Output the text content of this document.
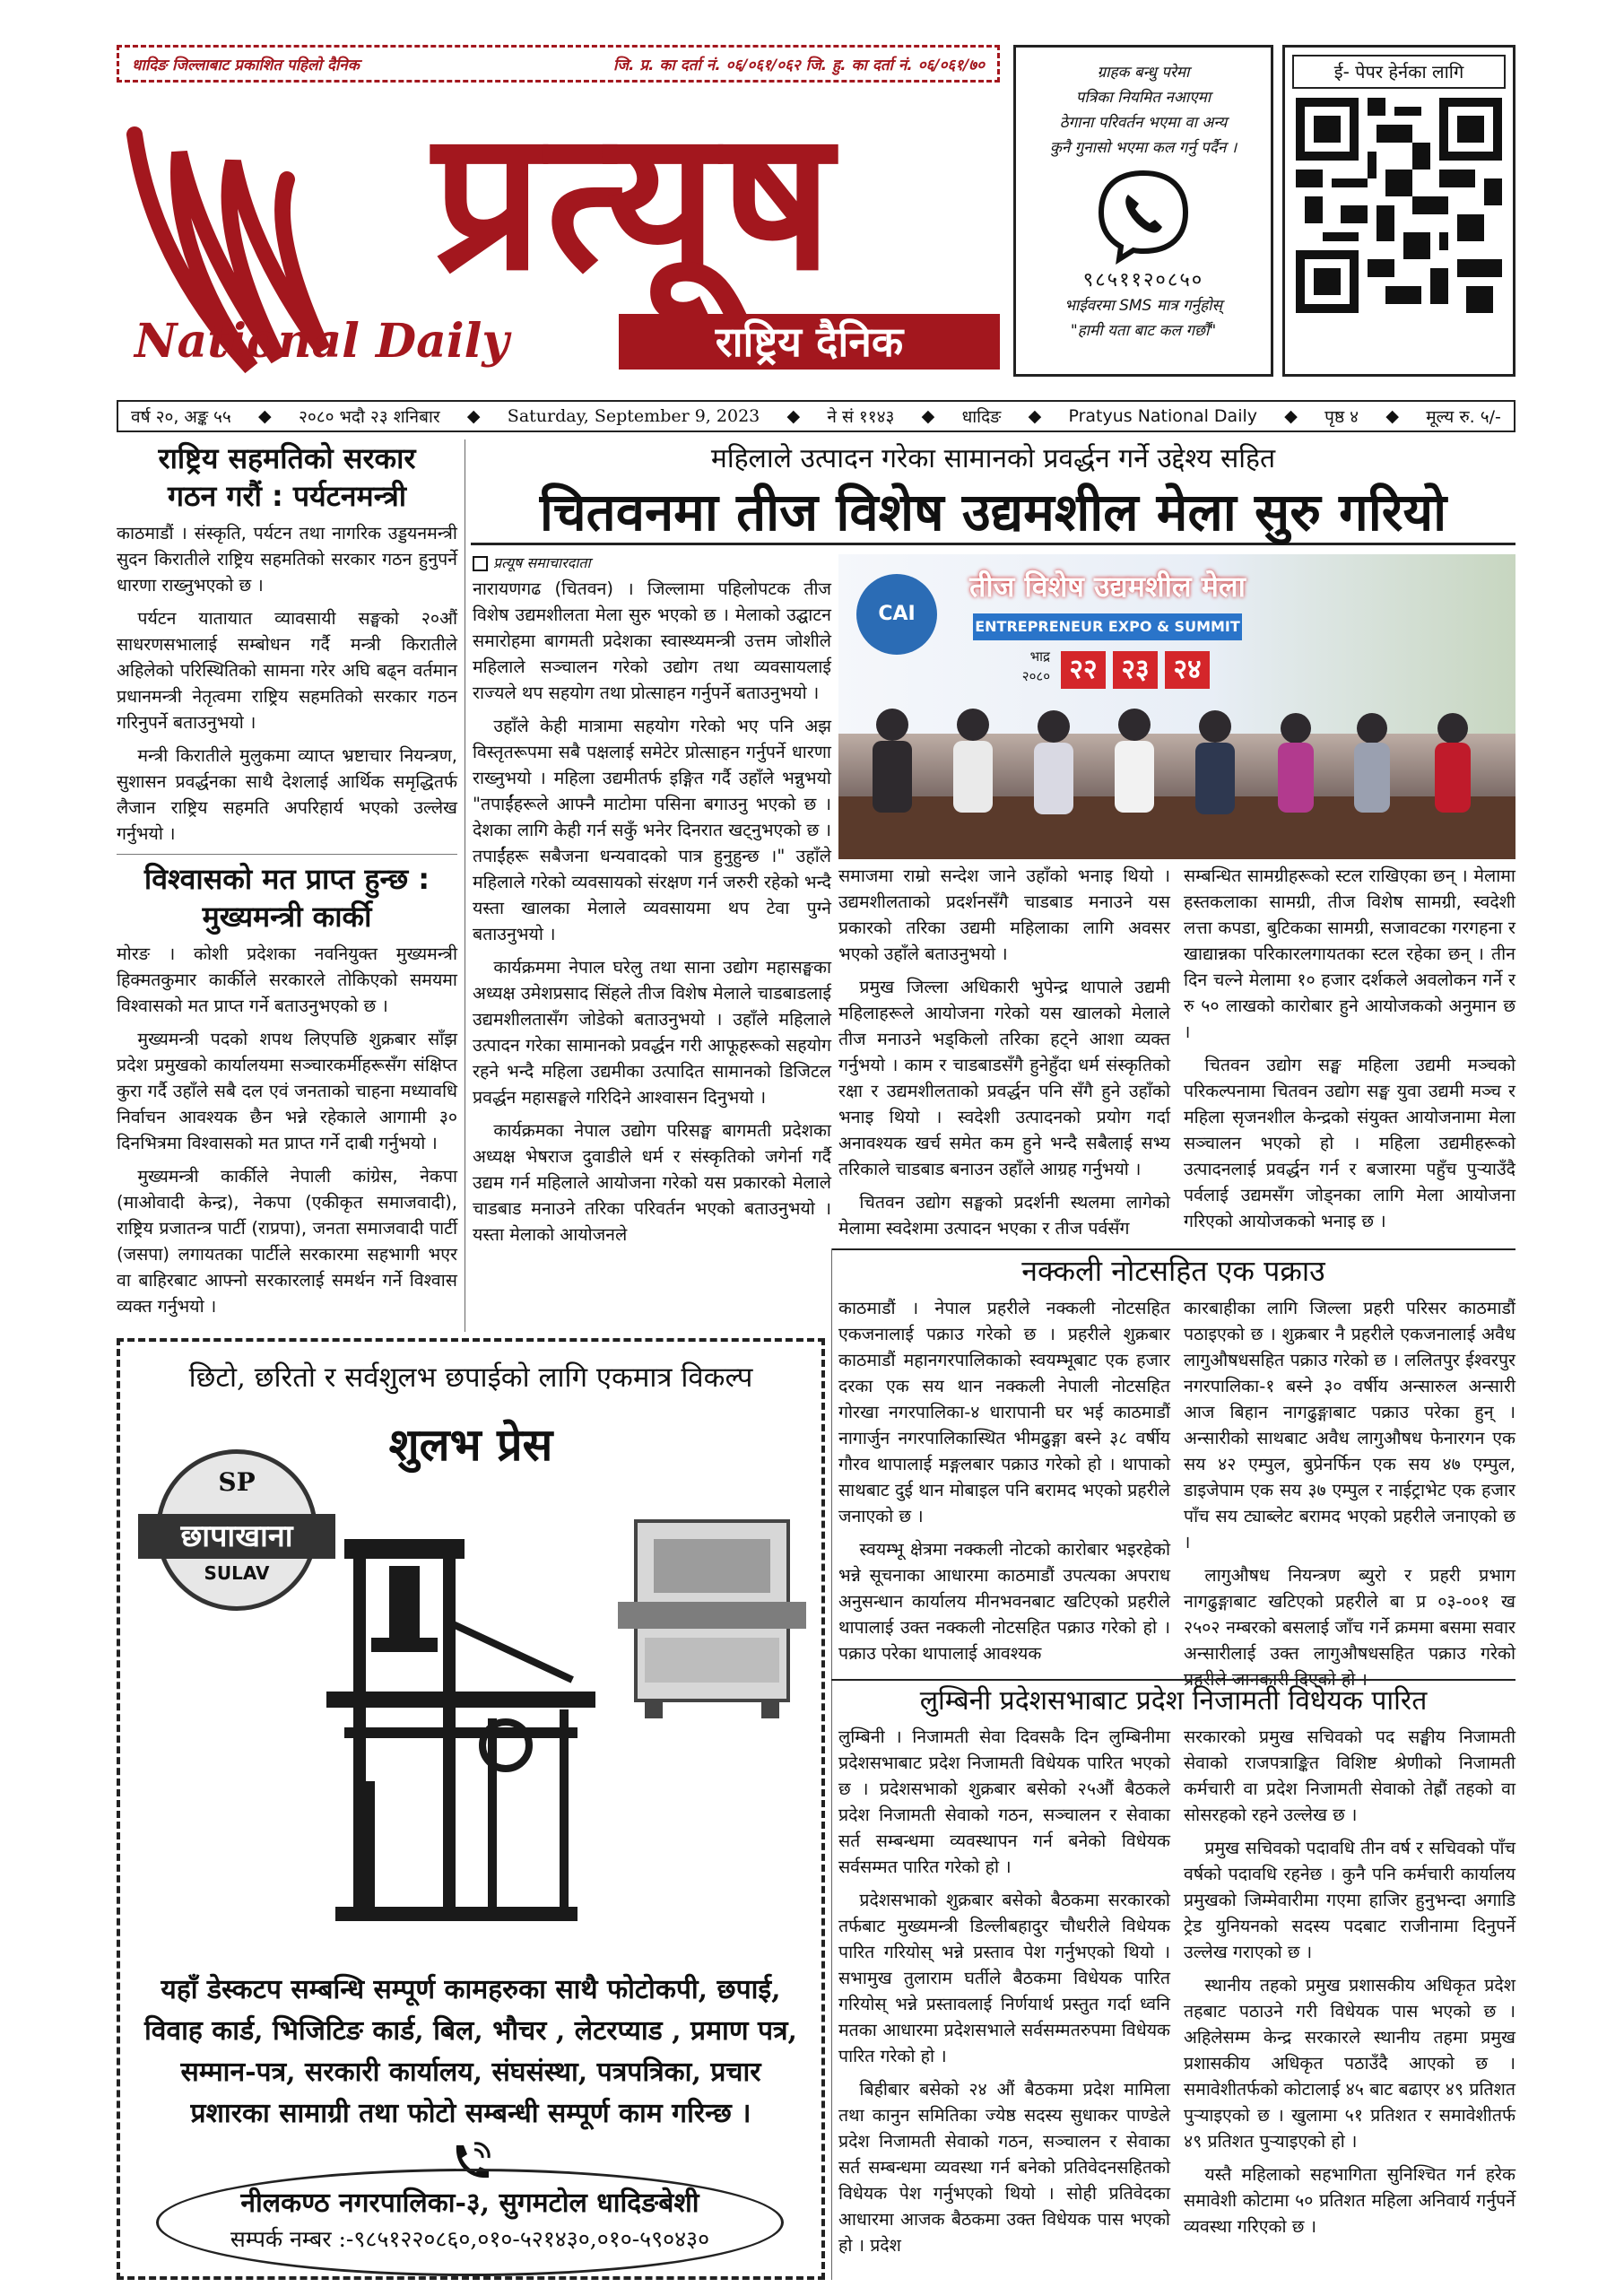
धादिङ जिल्लाबाट प्रकाशित पहिलो दैनिक	जि. प्र. का दर्ता नं. ०६/०६१/०६२ जि. हु. का दर्ता नं. ०६/०६१/७०
प्रत्यूष
National Daily	राष्ट्रिय दैनिक
ग्राहक बन्धु परेमा
पत्रिका नियमित नआएमा
ठेगाना परिवर्तन भएमा वा अन्य
कुनै गुनासो भएमा कल गर्नु पर्दैन ।
९८५११२०८५०
भाईवरमा SMS मात्र गर्नुहोस्
"हामी यता बाट कल गर्छौं"
ई- पेपर हेर्नका लागि
वर्ष २०, अङ्क ५५ ◆ २०८० भदौ २३ शनिबार ◆ Saturday, September 9, 2023 ◆ ने सं ११४३ ◆ धादिङ ◆ Pratyus National Daily ◆ पृष्ठ ४ ◆ मूल्य रु. ५/-
राष्ट्रिय सहमतिको सरकार
गठन गरौं : पर्यटनमन्त्री

काठमाडौं । संस्कृति, पर्यटन तथा नागरिक उड्डयनमन्त्री सुदन किरातीले राष्ट्रिय सहमतिको सरकार गठन हुनुपर्ने धारणा राख्नुभएको छ ।

पर्यटन यातायात व्यावसायी सङ्घको २०औं साधरणसभालाई सम्बोधन गर्दै मन्त्री किरातीले अहिलेको परिस्थितिको सामना गरेर अघि बढ्न वर्तमान प्रधानमन्त्री नेतृत्वमा राष्ट्रिय सहमतिको सरकार गठन गरिनुपर्ने बताउनुभयो ।

मन्त्री किरातीले मुलुकमा व्याप्त भ्रष्टाचार नियन्त्रण, सुशासन प्रवर्द्धनका साथै देशलाई आर्थिक समृद्धितर्फ लैजान राष्ट्रिय सहमति अपरिहार्य भएको उल्लेख गर्नुभयो ।

विश्वासको मत प्राप्त हुन्छ :
मुख्यमन्त्री कार्की

मोरङ । कोशी प्रदेशका नवनियुक्त मुख्यमन्त्री हिक्मतकुमार कार्कीले सरकारले तोकिएको समयमा विश्वासको मत प्राप्त गर्ने बताउनुभएको छ ।

मुख्यमन्त्री पदको शपथ लिएपछि शुक्रबार साँझ प्रदेश प्रमुखको कार्यालयमा सञ्चारकर्मीहरूसँग संक्षिप्त कुरा गर्दै उहाँले सबै दल एवं जनताको चाहना मध्यावधि निर्वाचन आवश्यक छैन भन्ने रहेकाले आगामी ३० दिनभित्रमा विश्वासको मत प्राप्त गर्ने दाबी गर्नुभयो ।

मुख्यमन्त्री कार्कीले नेपाली कांग्रेस, नेकपा (माओवादी केन्द्र), नेकपा (एकीकृत समाजवादी), राष्ट्रिय प्रजातन्त्र पार्टी (राप्रपा), जनता समाजवादी पार्टी (जसपा) लगायतका पार्टीले सरकारमा सहभागी भएर वा बाहिरबाट आफ्नो सरकारलाई समर्थन गर्ने विश्वास व्यक्त गर्नुभयो ।

महिलाले उत्पादन गरेका सामानको प्रवर्द्धन गर्ने उद्देश्य सहित
चितवनमा तीज विशेष उद्यमशील मेला सुरु गरियो
प्रत्यूष समाचारदाता

नारायणगढ (चितवन) । जिल्लामा पहिलोपटक तीज विशेष उद्यमशीलता मेला सुरु भएको छ । मेलाको उद्घाटन समारोहमा बागमती प्रदेशका स्वास्थ्यमन्त्री उत्तम जोशीले महिलाले सञ्चालन गरेको उद्योग तथा व्यवसायलाई राज्यले थप सहयोग तथा प्रोत्साहन गर्नुपर्ने बताउनुभयो ।

उहाँले केही मात्रामा सहयोग गरेको भए पनि अझ विस्तृतरूपमा सबै पक्षलाई समेटेर प्रोत्साहन गर्नुपर्ने धारणा राख्नुभयो । महिला उद्यमीतर्फ इङ्गित गर्दै उहाँले भन्नुभयो "तपाईंहरूले आफ्नै माटोमा पसिना बगाउनु भएको छ । देशका लागि केही गर्न सकुँ भनेर दिनरात खट्नुभएको छ । तपाईंहरू सबैजना धन्यवादको पात्र हुनुहुन्छ ।" उहाँले महिलाले गरेको व्यवसायको संरक्षण गर्न जरुरी रहेको भन्दै यस्ता खालका मेलाले व्यवसायमा थप टेवा पुग्ने बताउनुभयो ।

कार्यक्रममा नेपाल घरेलु तथा साना उद्योग महासङ्घका अध्यक्ष उमेशप्रसाद सिंहले तीज विशेष मेलाले चाडबाडलाई उद्यमशीलतासँग जोडेको बताउनुभयो । उहाँले महिलाले उत्पादन गरेका सामानको प्रवर्द्धन गरी आफूहरूको सहयोग रहने भन्दै महिला उद्यमीका उत्पादित सामानको डिजिटल प्रवर्द्धन महासङ्घले गरिदिने आश्वासन दिनुभयो ।

कार्यक्रमका नेपाल उद्योग परिसङ्घ बागमती प्रदेशका अध्यक्ष भेषराज दुवाडीले धर्म र संस्कृतिको जगेर्ना गर्दै उद्यम गर्न महिलाले आयोजना गरेको यस प्रकारको मेलाले चाडबाड मनाउने तरिका परिवर्तन भएको बताउनुभयो । यस्ता मेलाको आयोजनले

CAI
तीज विशेष उद्यमशील मेला
ENTREPRENEUR EXPO & SUMMIT
भाद्र
२०८० २२ २३ २४

समाजमा राम्रो सन्देश जाने उहाँको भनाइ थियो । उद्यमशीलताको प्रदर्शनसँगै चाडबाड मनाउने यस प्रकारको तरिका उद्यमी महिलाका लागि अवसर भएको उहाँले बताउनुभयो ।

प्रमुख जिल्ला अधिकारी भुपेन्द्र थापाले उद्यमी महिलाहरूले आयोजना गरेको यस खालको मेलाले तीज मनाउने भड्किलो तरिका हट्ने आशा व्यक्त गर्नुभयो । काम र चाडबाडसँगै हुनेहुँदा धर्म संस्कृतिको रक्षा र उद्यमशीलताको प्रवर्द्धन पनि सँगै हुने उहाँको भनाइ थियो । स्वदेशी उत्पादनको प्रयोग गर्दा अनावश्यक खर्च समेत कम हुने भन्दै सबैलाई सभ्य तरिकाले चाडबाड बनाउन उहाँले आग्रह गर्नुभयो ।

चितवन उद्योग सङ्घको प्रदर्शनी स्थलमा लागेको मेलामा स्वदेशमा उत्पादन भएका र तीज पर्वसँग

सम्बन्धित सामग्रीहरूको स्टल राखिएका छन् । मेलामा हस्तकलाका सामग्री, तीज विशेष सामग्री, स्वदेशी लत्ता कपडा, बुटिकका सामग्री, सजावटका गरगहना र खाद्यान्नका परिकारलगायतका स्टल रहेका छन् । तीन दिन चल्ने मेलामा १० हजार दर्शकले अवलोकन गर्ने र रु ५० लाखको कारोबार हुने आयोजकको अनुमान छ ।

चितवन उद्योग सङ्घ महिला उद्यमी मञ्चको परिकल्पनामा चितवन उद्योग सङ्घ युवा उद्यमी मञ्च र महिला सृजनशील केन्द्रको संयुक्त आयोजनामा मेला सञ्चालन भएको हो । महिला उद्यमीहरूको उत्पादनलाई प्रवर्द्धन गर्न र बजारमा पहुँच पुऱ्याउँदै पर्वलाई उद्यमसँग जोड्नका लागि मेला आयोजना गरिएको आयोजकको भनाइ छ ।

नक्कली नोटसहित एक पक्राउ

काठमाडौं । नेपाल प्रहरीले नक्कली नोटसहित एकजनालाई पक्राउ गरेको छ । प्रहरीले शुक्रबार काठमाडौं महानगरपालिकाको स्वयम्भूबाट एक हजार दरका एक सय थान नक्कली नेपाली नोटसहित गोरखा नगरपालिका-४ धारापानी घर भई काठमाडौं नागार्जुन नगरपालिकास्थित भीमढुङ्गा बस्ने ३८ वर्षीय गौरव थापालाई मङ्गलबार पक्राउ गरेको हो । थापाको साथबाट दुई थान मोबाइल पनि बरामद भएको प्रहरीले जनाएको छ ।

स्वयम्भू क्षेत्रमा नक्कली नोटको कारोबार भइरहेको भन्ने सूचनाका आधारमा काठमाडौं उपत्यका अपराध अनुसन्धान कार्यालय मीनभवनबाट खटिएको प्रहरीले थापालाई उक्त नक्कली नोटसहित पक्राउ गरेको हो । पक्राउ परेका थापालाई आवश्यक

कारबाहीका लागि जिल्ला प्रहरी परिसर काठमाडौं पठाइएको छ । शुक्रबार नै प्रहरीले एकजनालाई अवैध लागुऔषधसहित पक्राउ गरेको छ । ललितपुर ईश्वरपुर नगरपालिका-१ बस्ने ३० वर्षीय अन्सारुल अन्सारी आज बिहान नागढुङ्गाबाट पक्राउ परेका हुन् । अन्सारीको साथबाट अवैध लागुऔषध फेनारगन एक सय ४२ एम्पुल, बुप्रेनर्फिन एक सय ४७ एम्पुल, डाइजेपाम एक सय ३७ एम्पुल र नाईट्राभेट एक हजार पाँच सय ट्याब्लेट बरामद भएको प्रहरीले जनाएको छ ।

लागुऔषध नियन्त्रण ब्युरो र प्रहरी प्रभाग नागढुङ्गाबाट खटिएको प्रहरीले बा प्र ०३-००१ ख २५०२ नम्बरको बसलाई जाँच गर्ने क्रममा बसमा सवार अन्सारीलाई उक्त लागुऔषधसहित पक्राउ गरेको प्रहरीले जानकारी दिएको हो ।

लुम्बिनी प्रदेशसभाबाट प्रदेश निजामती विधेयक पारित

लुम्बिनी । निजामती सेवा दिवसकै दिन लुम्बिनीमा प्रदेशसभाबाट प्रदेश निजामती विधेयक पारित भएको छ । प्रदेशसभाको शुक्रबार बसेको २५औं बैठकले प्रदेश निजामती सेवाको गठन, सञ्चालन र सेवाका सर्त सम्बन्धमा व्यवस्थापन गर्न बनेको विधेयक सर्वसम्मत पारित गरेको हो ।

प्रदेशसभाको शुक्रबार बसेको बैठकमा सरकारको तर्फबाट मुख्यमन्त्री डिल्लीबहादुर चौधरीले विधेयक पारित गरियोस् भन्ने प्रस्ताव पेश गर्नुभएको थियो । सभामुख तुलाराम घर्तीले बैठकमा विधेयक पारित गरियोस् भन्ने प्रस्तावलाई निर्णयार्थ प्रस्तुत गर्दा ध्वनि मतका आधारमा प्रदेशसभाले सर्वसम्मतरुपमा विधेयक पारित गरेको हो ।

बिहीबार बसेको २४ औं बैठकमा प्रदेश मामिला तथा कानुन समितिका ज्येष्ठ सदस्य सुधाकर पाण्डेले प्रदेश निजामती सेवाको गठन, सञ्चालन र सेवाका सर्त सम्बन्धमा व्यवस्था गर्न बनेको प्रतिवेदनसहितको विधेयक पेश गर्नुभएको थियो । सोही प्रतिवेदका आधारमा आजक बैठकमा उक्त विधेयक पास भएको हो । प्रदेश

सरकारको प्रमुख सचिवको पद सङ्घीय निजामती सेवाको राजपत्राङ्कित विशिष्ट श्रेणीको निजामती कर्मचारी वा प्रदेश निजामती सेवाको तेह्रौं तहको वा सोसरहको रहने उल्लेख छ ।

प्रमुख सचिवको पदावधि तीन वर्ष र सचिवको पाँच वर्षको पदावधि रहनेछ । कुनै पनि कर्मचारी कार्यालय प्रमुखको जिम्मेवारीमा गएमा हाजिर हुनुभन्दा अगाडि ट्रेड युनियनको सदस्य पदबाट राजीनामा दिनुपर्ने उल्लेख गराएको छ ।

स्थानीय तहको प्रमुख प्रशासकीय अधिकृत प्रदेश तहबाट पठाउने गरी विधेयक पास भएको छ । अहिलेसम्म केन्द्र सरकारले स्थानीय तहमा प्रमुख प्रशासकीय अधिकृत पठाउँदै आएको छ । समावेशीतर्फको कोटालाई ४५ बाट बढाएर ४९ प्रतिशत पुर्‍याइएको छ । खुलामा ५१ प्रतिशत र समावेशीतर्फ ४९ प्रतिशत पुर्‍याइएको हो ।

यस्तै महिलाको सहभागिता सुनिश्चित गर्न हरेक समावेशी कोटामा ५० प्रतिशत महिला अनिवार्य गर्नुपर्ने व्यवस्था गरिएको छ ।

छिटो, छरितो र सर्वशुलभ छपाईको लागि एकमात्र विकल्प
शुलभ प्रेस
SP
छापाखाना
SULAV
यहाँ डेस्कटप सम्बन्धि सम्पूर्ण कामहरुका साथै फोटोकपी, छपाई,
विवाह कार्ड, भिजिटिङ कार्ड, बिल, भौचर , लेटरप्याड , प्रमाण पत्र,
सम्मान-पत्र, सरकारी कार्यालय, संघसंस्था, पत्रपत्रिका, प्रचार
प्रशारका सामाग्री तथा फोटो सम्बन्धी सम्पूर्ण काम गरिन्छ ।
नीलकण्ठ नगरपालिका-३, सुगमटोल धादिङबेशी
सम्पर्क नम्बर :-९८५१२२०८६०,०१०-५२१४३०,०१०-५९०४३०
